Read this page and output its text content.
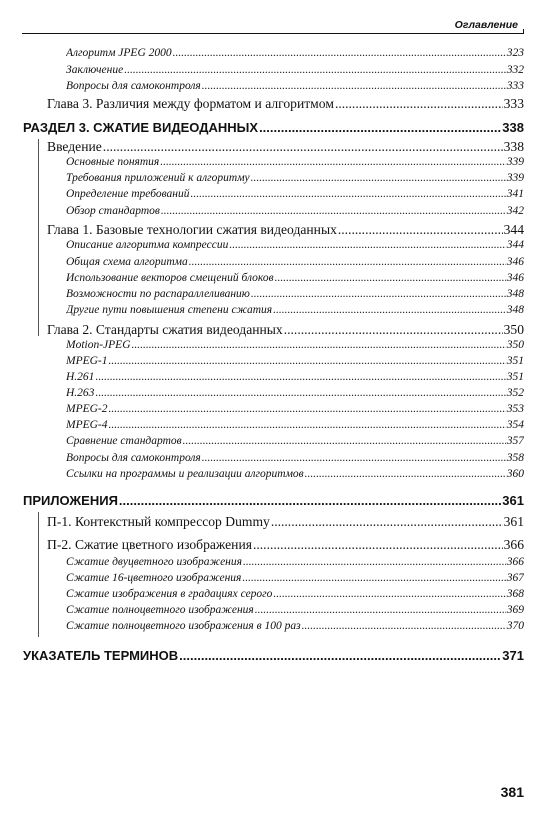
Оглавление
Алгоритм JPEG 2000 .....	323
Заключение .....	332
Вопросы для самоконтроля .....	333
Глава 3. Различия между форматом и алгоритмом .....	333
РАЗДЕЛ 3. СЖАТИЕ ВИДЕОДАННЫХ .....	338
Введение .....	338
Основные понятия .....	339
Требования приложений к алгоритму .....	339
Определение требований .....	341
Обзор стандартов .....	342
Глава 1. Базовые технологии сжатия видеоданных .....	344
Описание алгоритма компрессии .....	344
Общая схема алгоритма .....	346
Использование векторов смещений блоков .....	346
Возможности по распараллеливанию .....	348
Другие пути повышения степени сжатия .....	348
Глава 2. Стандарты сжатия видеоданных .....	350
Motion-JPEG .....	350
MPEG-1 .....	351
H.261 .....	351
H.263 .....	352
MPEG-2 .....	353
MPEG-4 .....	354
Сравнение стандартов .....	357
Вопросы для самоконтроля .....	358
Ссылки на программы и реализации алгоритмов .....	360
ПРИЛОЖЕНИЯ .....	361
П-1. Контекстный компрессор Dummy .....	361
П-2. Сжатие цветного изображения .....	366
Сжатие двуцветного изображения .....	366
Сжатие 16-цветного изображения .....	367
Сжатие изображения в градациях серого .....	368
Сжатие полноцветного изображения .....	369
Сжатие полноцветного изображения в 100 раз .....	370
УКАЗАТЕЛЬ ТЕРМИНОВ .....	371
381
